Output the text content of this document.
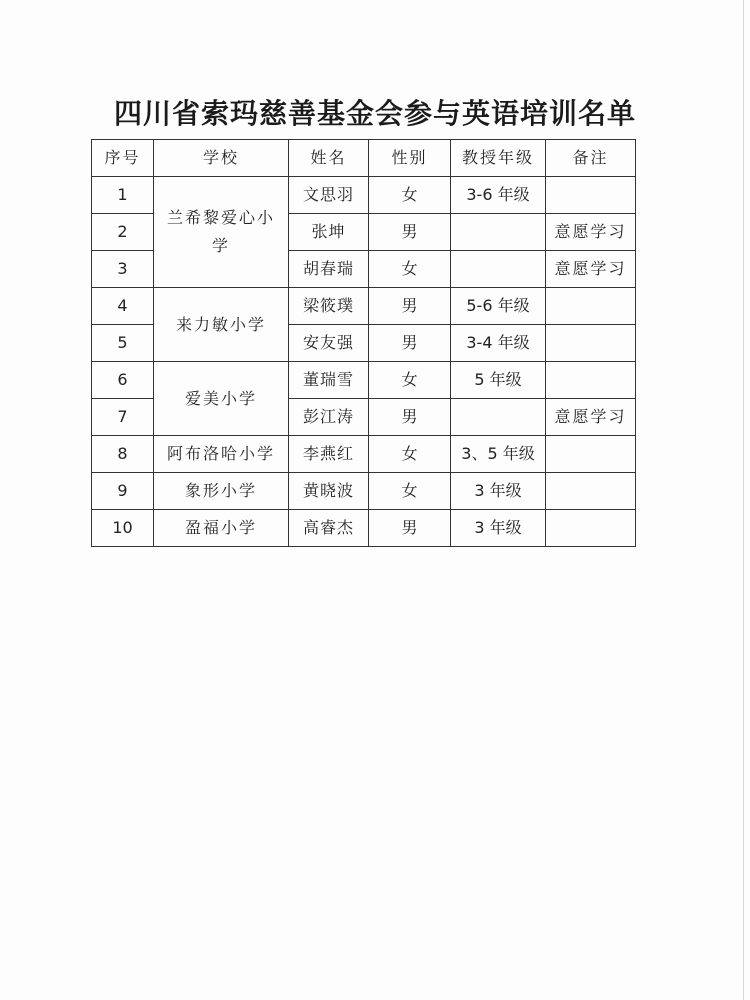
四川省索玛慈善基金会参与英语培训名单
序号	学校	姓名	性别	教授年级	备注
1	兰希黎爱心小学	文思羽	女	3-6 年级	
2		张坤	男		意愿学习
3		胡春瑞	女		意愿学习
4	来力敏小学	梁筱璞	男	5-6 年级	
5		安友强	男	3-4 年级	
6	爱美小学	董瑞雪	女	5 年级	
7		彭江涛	男		意愿学习
8	阿布洛哈小学	李燕红	女	3、5 年级	
9	象形小学	黄晓波	女	3 年级	
10	盈福小学	高睿杰	男	3 年级	
